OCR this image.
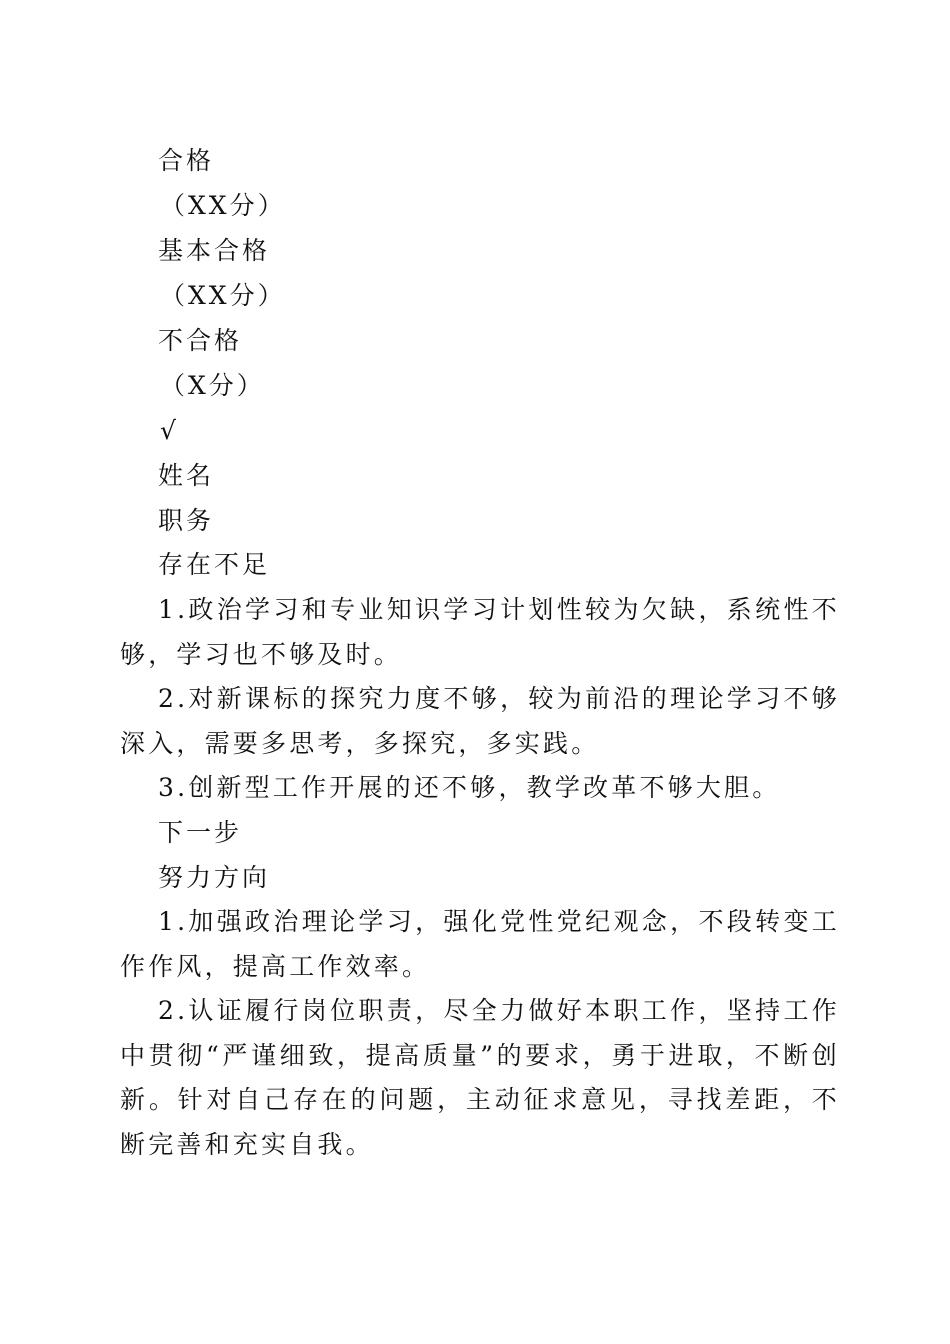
合格
（XX分）
基本合格
（XX分）
不合格
（X分）
√
姓名
职务
存在不足
1.政治学习和专业知识学习计划性较为欠缺，系统性不够，学习也不够及时。
2.对新课标的探究力度不够，较为前沿的理论学习不够深入，需要多思考，多探究，多实践。
3.创新型工作开展的还不够，教学改革不够大胆。
下一步
努力方向
1.加强政治理论学习，强化党性党纪观念，不段转变工作作风，提高工作效率。
2.认证履行岗位职责，尽全力做好本职工作，坚持工作中贯彻“严谨细致，提高质量”的要求，勇于进取，不断创新。针对自己存在的问题，主动征求意见，寻找差距，不断完善和充实自我。
